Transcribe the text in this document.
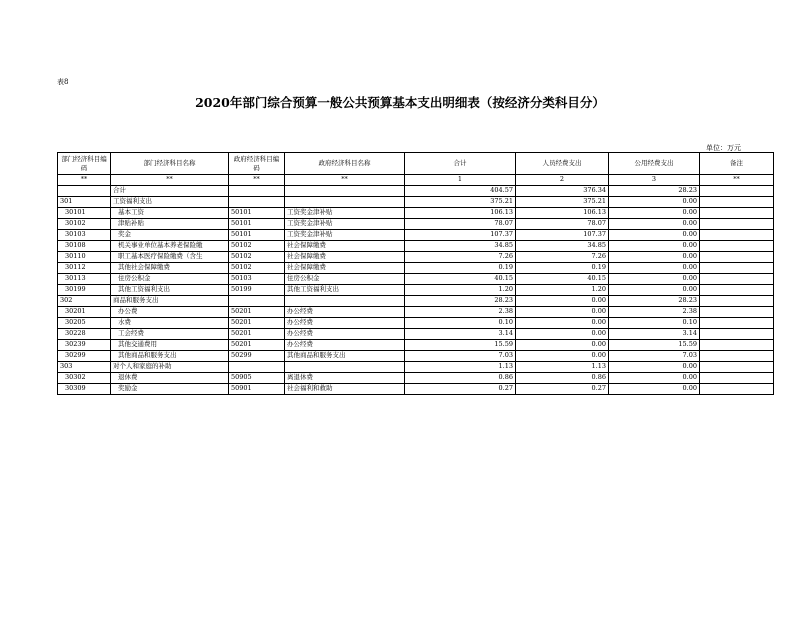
表8
2020年部门综合预算一般公共预算基本支出明细表（按经济分类科目分）
单位：万元
部门经济科目编码	部门经济科目名称	政府经济科目编码	政府经济科目名称	合计	人员经费支出	公用经费支出	备注
**	**	**	**	1	2	3	**
	合计			404.57	376.34	28.23	
301	工资福利支出			375.21	375.21	0.00	
30101	基本工资	50101	工资奖金津补贴	106.13	106.13	0.00	
30102	津贴补贴	50101	工资奖金津补贴	78.07	78.07	0.00	
30103	奖金	50101	工资奖金津补贴	107.37	107.37	0.00	
30108	机关事业单位基本养老保险缴	50102	社会保障缴费	34.85	34.85	0.00	
30110	职工基本医疗保险缴费（含生	50102	社会保障缴费	7.26	7.26	0.00	
30112	其他社会保障缴费	50102	社会保障缴费	0.19	0.19	0.00	
30113	住房公积金	50103	住房公积金	40.15	40.15	0.00	
30199	其他工资福利支出	50199	其他工资福利支出	1.20	1.20	0.00	
302	商品和服务支出			28.23	0.00	28.23	
30201	办公费	50201	办公经费	2.38	0.00	2.38	
30205	水费	50201	办公经费	0.10	0.00	0.10	
30228	工会经费	50201	办公经费	3.14	0.00	3.14	
30239	其他交通费用	50201	办公经费	15.59	0.00	15.59	
30299	其他商品和服务支出	50299	其他商品和服务支出	7.03	0.00	7.03	
303	对个人和家庭的补助			1.13	1.13	0.00	
30302	退休费	50905	离退休费	0.86	0.86	0.00	
30309	奖励金	50901	社会福利和救助	0.27	0.27	0.00	
